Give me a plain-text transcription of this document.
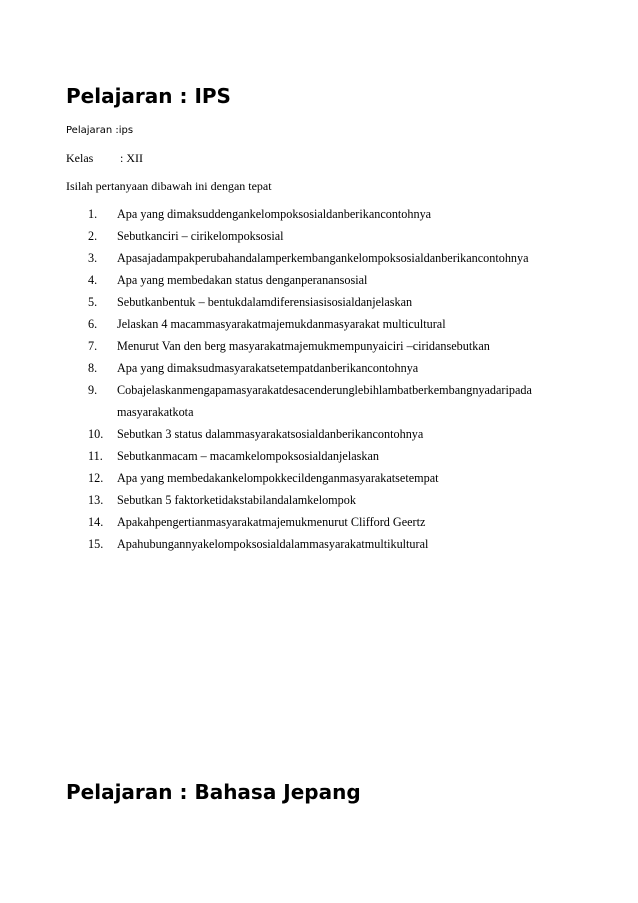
Pelajaran : IPS
Pelajaran :ips
Kelas : XII
Isilah pertanyaan dibawah ini dengan tepat
1.	Apa yang dimaksuddengankelompoksosialdanberikancontohnya
2.	Sebutkanciri – cirikelompoksosial
3.	Apasajadampakperubahandalamperkembangankelompoksosialdanberikancontohnya
4.	Apa yang membedakan status denganperanansosial
5.	Sebutkanbentuk – bentukdalamdiferensiasisosialdanjelaskan
6.	Jelaskan 4 macammasyarakatmajemukdanmasyarakat multicultural
7.	Menurut Van den berg masyarakatmajemukmempunyaiciri –ciridansebutkan
8.	Apa yang dimaksudmasyarakatsetempatdanberikancontohnya
9.	Cobajelaskanmengapamasyarakatdesacenderunglebihlambatberkembangnyadaripada masyarakatkota
10.	Sebutkan 3 status dalammasyarakatsosialdanberikancontohnya
11.	Sebutkanmacam – macamkelompoksosialdanjelaskan
12.	Apa yang membedakankelompokkecildenganmasyarakatsetempat
13.	Sebutkan 5 faktorketidakstabilandalamkelompok
14.	Apakahpengertianmasyarakatmajemukmenurut Clifford Geertz
15.	Apahubungannyakelompoksosialdalammasyarakatmultikultural
Pelajaran : Bahasa Jepang
